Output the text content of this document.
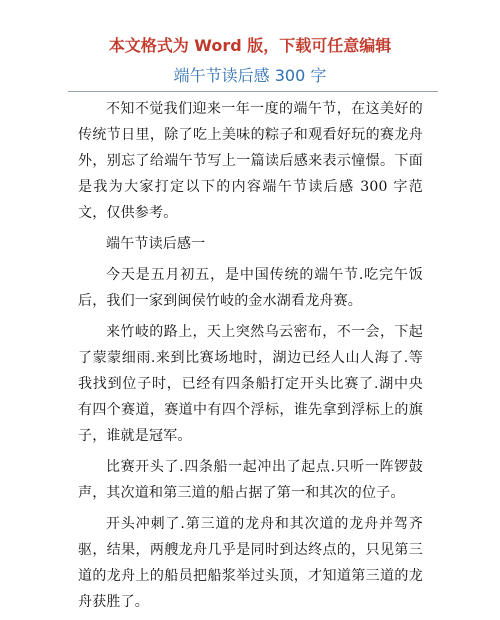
本文格式为 Word 版，下载可任意编辑
端午节读后感 300 字

不知不觉我们迎来一年一度的端午节，在这美好的传统节日里，除了吃上美味的粽子和观看好玩的赛龙舟外，别忘了给端午节写上一篇读后感来表示憧憬。下面是我为大家打定以下的内容端午节读后感 300 字范文，仅供参考。

端午节读后感一

今天是五月初五，是中国传统的端午节.吃完午饭后，我们一家到闽侯竹岐的金水湖看龙舟赛。

来竹岐的路上，天上突然乌云密布，不一会，下起了蒙蒙细雨.来到比赛场地时，湖边已经人山人海了.等我找到位子时，已经有四条船打定开头比赛了.湖中央有四个赛道，赛道中有四个浮标，谁先拿到浮标上的旗子，谁就是冠军。

比赛开头了.四条船一起冲出了起点.只听一阵锣鼓声，其次道和第三道的船占据了第一和其次的位子。

开头冲刺了.第三道的龙舟和其次道的龙舟并驾齐驱，结果，两艘龙舟几乎是同时到达终点的，只见第三道的龙舟上的船员把船浆举过头顶，才知道第三道的龙舟获胜了。
